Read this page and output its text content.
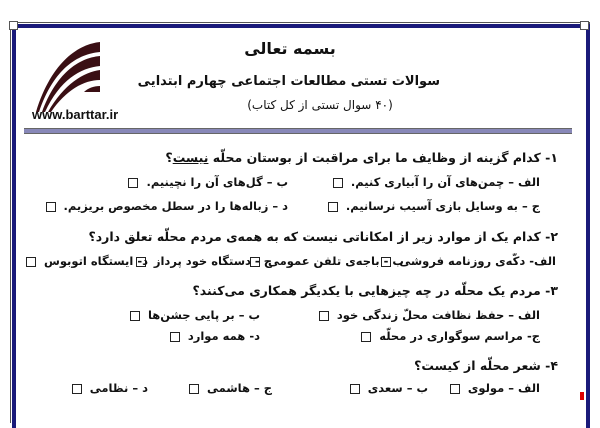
www.barttar.ir
بسمه تعالی
سوالات تستی مطالعات اجتماعی چهارم ابتدایی
(۴۰ سوال تستی از کل کتاب)
۱- کدام گزینه از وظایف ما برای مراقبت از بوستان محلّه نیست؟
الف – چمن‌های آن را آبیاری کنیم.
ب – گل‌های آن را نچینیم.
ج – به وسایل بازی آسیب نرسانیم.
د – زباله‌ها را در سطل مخصوص بریزیم.
۲- کدام یک از موارد زیر از امکاناتی نیست که به همه‌ی مردم محلّه تعلق دارد؟
الف- دکّه‌ی روزنامه فروشی
ب - باجه‌ی تلفن عمومی
ج - دستگاه خود پرداز
د- ایستگاه اتوبوس
۳- مردم یک محلّه در چه چیزهایی با یکدیگر همکاری می‌کنند؟
الف – حفظ نظافت محلّ زندگی خود
ب – بر پایی جشن‌ها
ج- مراسم سوگواری در محلّه
د- همه موارد
۴- شعر محلّه از کیست؟
الف – مولوی
ب – سعدی
ج – هاشمی
د – نظامی
